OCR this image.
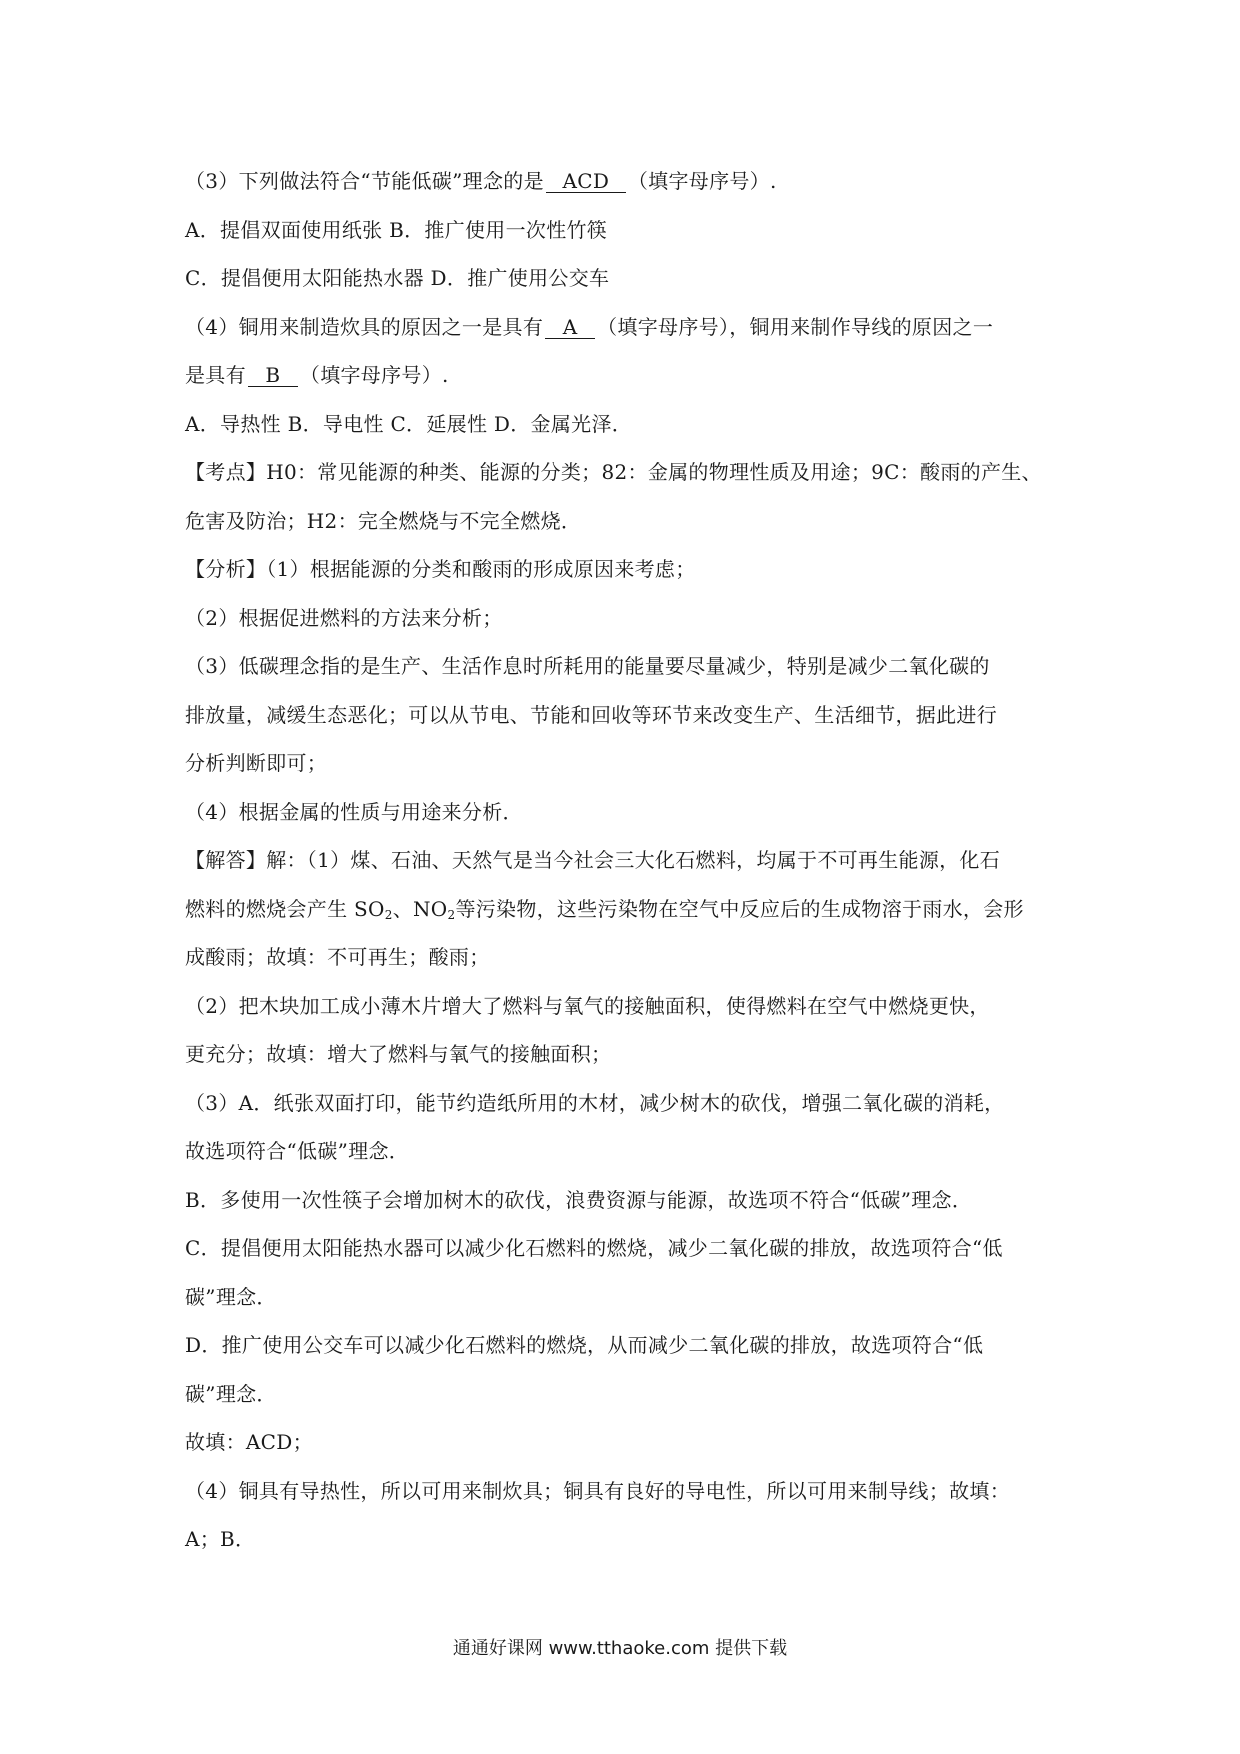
（3）下列做法符合“节能低碳”理念的是 ACD （填字母序号）.
A．提倡双面使用纸张 B．推广使用一次性竹筷
C．提倡便用太阳能热水器 D．推广使用公交车
（4）铜用来制造炊具的原因之一是具有 A （填字母序号），铜用来制作导线的原因之一
是具有 B （填字母序号）.
A．导热性 B．导电性 C．延展性 D．金属光泽．
【考点】H0：常见能源的种类、能源的分类；82：金属的物理性质及用途；9C：酸雨的产生、
危害及防治；H2：完全燃烧与不完全燃烧．
【分析】（1）根据能源的分类和酸雨的形成原因来考虑；
（2）根据促进燃料的方法来分析；
（3）低碳理念指的是生产、生活作息时所耗用的能量要尽量减少，特别是减少二氧化碳的
排放量，减缓生态恶化；可以从节电、节能和回收等环节来改变生产、生活细节，据此进行
分析判断即可；
（4）根据金属的性质与用途来分析．
【解答】解：（1）煤、石油、天然气是当今社会三大化石燃料，均属于不可再生能源，化石
燃料的燃烧会产生 $SO_2$、$NO_2$等污染物，这些污染物在空气中反应后的生成物溶于雨水，会形
成酸雨；故填：不可再生；酸雨；
（2）把木块加工成小薄木片增大了燃料与氧气的接触面积，使得燃料在空气中燃烧更快，
更充分；故填：增大了燃料与氧气的接触面积；
（3）A．纸张双面打印，能节约造纸所用的木材，减少树木的砍伐，增强二氧化碳的消耗，
故选项符合“低碳”理念．
B．多使用一次性筷子会增加树木的砍伐，浪费资源与能源，故选项不符合“低碳”理念．
C．提倡便用太阳能热水器可以减少化石燃料的燃烧，减少二氧化碳的排放，故选项符合“低
碳”理念．
D．推广使用公交车可以减少化石燃料的燃烧，从而减少二氧化碳的排放，故选项符合“低
碳”理念．
故填：ACD；
（4）铜具有导热性，所以可用来制炊具；铜具有良好的导电性，所以可用来制导线；故填：
A；B．
通通好课网 www.tthaoke.com 提供下载
